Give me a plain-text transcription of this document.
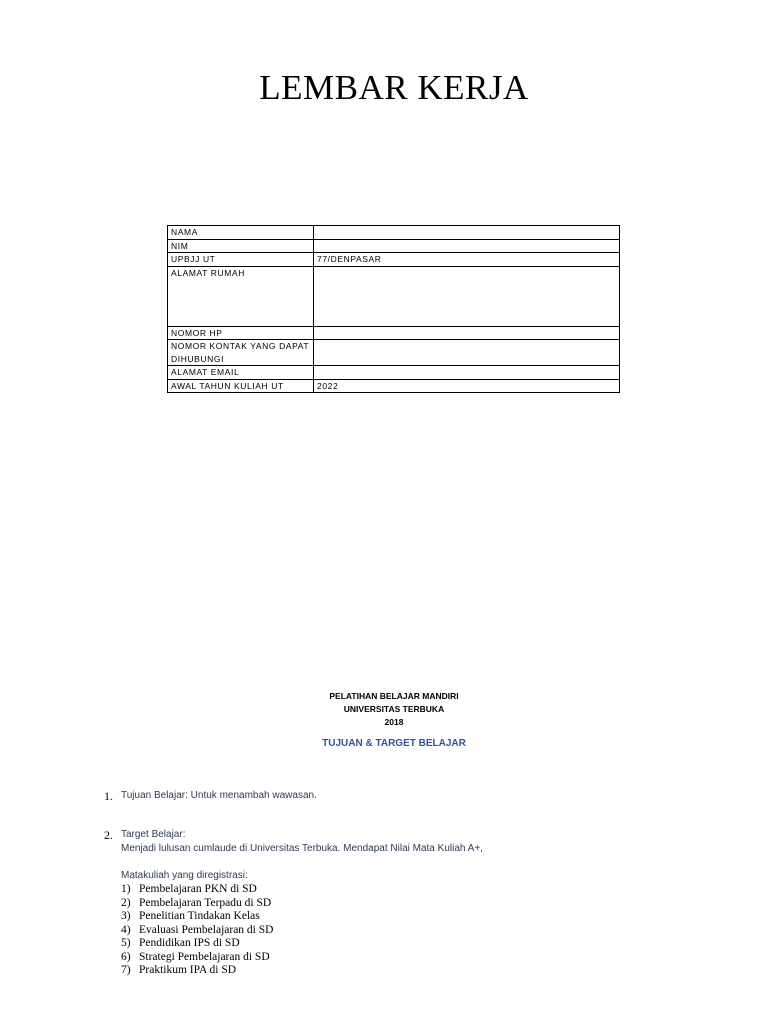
LEMBAR KERJA
NAMA	
NIM	
UPBJJ UT	77/DENPASAR
ALAMAT RUMAH	
NOMOR HP	
NOMOR KONTAK YANG DAPAT DIHUBUNGI	
ALAMAT EMAIL	
AWAL TAHUN KULIAH UT	2022
PELATIHAN BELAJAR MANDIRI
UNIVERSITAS TERBUKA
2018
TUJUAN & TARGET BELAJAR
1. Tujuan Belajar: Untuk menambah wawasan.
2. Target Belajar:
Menjadi lulusan cumlaude di Universitas Terbuka. Mendapat Nilai Mata Kuliah A+,
Matakuliah yang diregistrasi:
1) Pembelajaran PKN di SD
2) Pembelajaran Terpadu di SD
3) Penelitian Tindakan Kelas
4) Evaluasi Pembelajaran di SD
5) Pendidikan IPS di SD
6) Strategi Pembelajaran di SD
7) Praktikum IPA di SD
